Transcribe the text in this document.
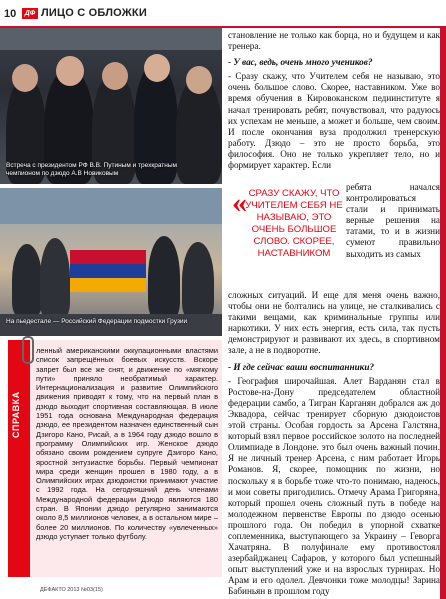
10	ДФ ЛИЦО С ОБЛОЖКИ
Встреча с президентом РФ В.В. Путиным и трехкратным чемпионом по дзюдо А.В Новиковым
На пьедестале — Российский Федерации подмостки Грузии

становление не только как борца, но и будущем и как тренера.

- У вас, ведь, очень много учеников?

- Сразу скажу, что Учителем себя не называю, это очень большое слово. Скорее, наставником. Уже во время обучения в Кировоканском педиинституте я начал тренировать ребят, почувствовал, что радуюсь их успехам не меньше, а может и больше, чем своим. И после окончания вуза продолжил тренерскую работу. Дзюдо – это не просто борьба, это философия. Оно не только укрепляет тело, но и формирует характер. Если

« СРАЗУ СКАЖУ, ЧТО УЧИТЕЛЕМ СЕБЯ НЕ НАЗЫВАЮ, ЭТО ОЧЕНЬ БОЛЬШОЕ СЛОВО. СКОРЕЕ, НАСТАВНИКОМ

ребята начался контролироваться стали и принимать верные решения на татами, то и в жизни сумеют правильно выходить из самых

сложных ситуаций. И еще для меня очень важно, чтобы они не болтались на улице, не сталкивались с такими вещами, как криминальные группы или наркотики. У них есть энергия, есть сила, так пусть демонстрируют и развивают их здесь, в спортивном зале, а не в подворотне.

- И где сейчас ваши воспитанники?

- География широчайшая. Алет Варданян стал в Ростове-на-Дону председателем областной федерации самбо, а Тигран Карганян добрался аж до Эквадора, сейчас тренирует сборную дзюдоистов этой страны. Особая гордость за Арсена Галстяна, который взял первое российское золото на последней Олимпиаде в Лондоне. это был очень важный почин. Я не личный тренер Арсена, с ним работает Игорь Романов. Я, скорее, помощник по жизни, но поскольку я в борьбе тоже что-то понимаю, надеюсь, и мои советы пригодились. Отмечу Арама Григоряна, который прошел очень сложный путь в победе на молодежном первенстве Европы по дзюдо осенью прошлого года. Он победил в упорной схватке соплеменника, выступающего за Украину – Геворга Хачатряна. В полуфинале ему противостоял азербайджанец Сафаров, у которого был успешный опыт выступлений уже и на взрослых турнирах. Но Арам и его одолел. Девчонки тоже молодцы! Зарина Бабиньян в прошлом году

СПРАВКА

ленный американскими оккупационными властями список запрещённых боевых искусств. Вскоре запрет был все же снят, и движение по «мягкому пути» приняло необратимый характер. Интернационализация и развитие Олимпийского движения приводят к тому, что на первый план в дзюдо выходит спортивная составляющая. В июле 1951 года основана Международная федерация дзюдо, ее президентом назначен единственный сын Дзигоро Кано, Рисай, а в 1964 году дзюдо вошло в программу Олимпийских игр. Женское дзюдо обязано своим рождением супруге Дзигоро Кано, яростной энтузиастке борьбы. Первый чемпионат мира среди женщин прошел в 1980 году, а в Олимпийских играх дзюдоистки принимают участие с 1992 года. На сегодняшний день членами Международной федерации Дзюдо являются 180 стран. В Японии дзюдо регулярно занимаются около 8,5 миллионов человек, а в остальном мире – более 20 миллионов. По количеству «увлеченных» дзюдо уступает только футболу.

ДЕФАКТО 2013 №03(15)
